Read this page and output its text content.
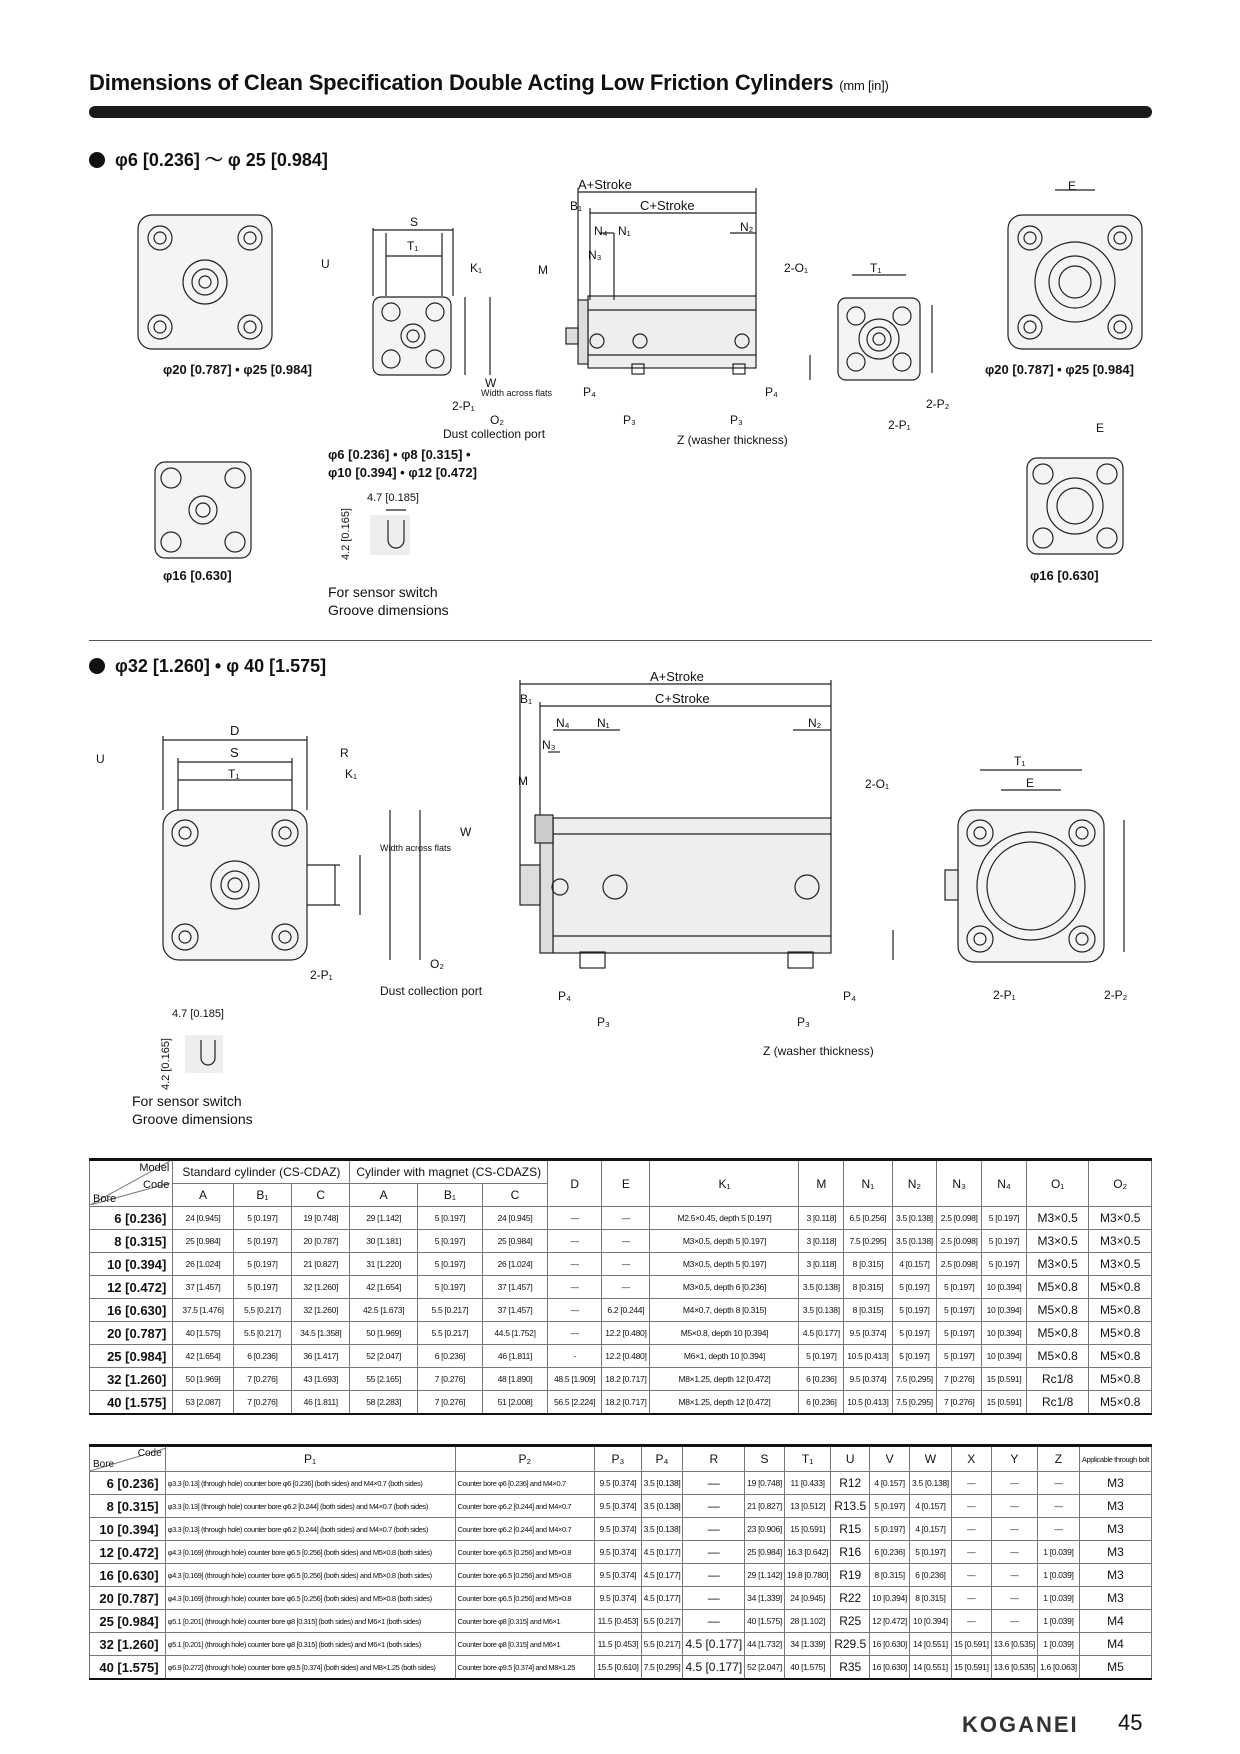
Dimensions of Clean Specification Double Acting Low Friction Cylinders (mm [in])
φ6 [0.236] 〜 φ 25 [0.984]
A+Stroke
C+Stroke
B₁
N₄ N₁	N₂
N₃
M
S
T₁
U	K₁	2-O₁	T₁
E
E
W
P₄	P₄
P₃	P₃
2-P₁
O₂
2-P₂
2-P₁
φ20 [0.787] • φ25 [0.984]
φ16 [0.630]
φ20 [0.787] • φ25 [0.984]
φ16 [0.630]
φ6 [0.236] • φ8 [0.315] •
φ10 [0.394] • φ12 [0.472]
Dust collection port
Width across flats
Z (washer thickness)
4.7 [0.185]
4.2 [0.165]
For sensor switch
Groove dimensions
φ32 [1.260] • φ 40 [1.575]
A+Stroke
C+Stroke
B₁
N₄ N₁	N₂
N₃
M
D
S	R
T₁
U
K₁
2-O₁
T₁
E
W
2-P₁
O₂
P₄	P₄
P₃	P₃
2-P₁	2-P₂
Width across flats
Dust collection port
Z (washer thickness)
4.7 [0.185]
4.2 [0.165]
For sensor switch
Groove dimensions
Model
Code
Bore	Standard cylinder (CS-CDAZ)			Cylinder with magnet (CS-CDAZS)			D	E	K₁	M	N₁	N₂	N₃	N₄	O₁	O₂
	A	B₁	C	A	B₁	C										
6 [0.236]	24 [0.945]	5 [0.197]	19 [0.748]	29 [1.142]	5 [0.197]	24 [0.945]	—	—	M2.5×0.45, depth 5 [0.197]	3 [0.118]	6.5 [0.256]	3.5 [0.138]	2.5 [0.098]	5 [0.197]	M3×0.5	M3×0.5
8 [0.315]	25 [0.984]	5 [0.197]	20 [0.787]	30 [1.181]	5 [0.197]	25 [0.984]	—	—	M3×0.5, depth 5 [0.197]	3 [0.118]	7.5 [0.295]	3.5 [0.138]	2.5 [0.098]	5 [0.197]	M3×0.5	M3×0.5
10 [0.394]	26 [1.024]	5 [0.197]	21 [0.827]	31 [1.220]	5 [0.197]	26 [1.024]	—	—	M3×0.5, depth 5 [0.197]	3 [0.118]	8 [0.315]	4 [0.157]	2.5 [0.098]	5 [0.197]	M3×0.5	M3×0.5
12 [0.472]	37 [1.457]	5 [0.197]	32 [1.260]	42 [1.654]	5 [0.197]	37 [1.457]	—	—	M3×0.5, depth 6 [0.236]	3.5 [0.138]	8 [0.315]	5 [0.197]	5 [0.197]	10 [0.394]	M5×0.8	M5×0.8
16 [0.630]	37.5 [1.476]	5.5 [0.217]	32 [1.260]	42.5 [1.673]	5.5 [0.217]	37 [1.457]	—	6.2 [0.244]	M4×0.7, depth 8 [0.315]	3.5 [0.138]	8 [0.315]	5 [0.197]	5 [0.197]	10 [0.394]	M5×0.8	M5×0.8
20 [0.787]	40 [1.575]	5.5 [0.217]	34.5 [1.358]	50 [1.969]	5.5 [0.217]	44.5 [1.752]	—	12.2 [0.480]	M5×0.8, depth 10 [0.394]	4.5 [0.177]	9.5 [0.374]	5 [0.197]	5 [0.197]	10 [0.394]	M5×0.8	M5×0.8
25 [0.984]	42 [1.654]	6 [0.236]	36 [1.417]	52 [2.047]	6 [0.236]	46 [1.811]	-	12.2 [0.480]	M6×1, depth 10 [0.394]	5 [0.197]	10.5 [0.413]	5 [0.197]	5 [0.197]	10 [0.394]	M5×0.8	M5×0.8
32 [1.260]	50 [1.969]	7 [0.276]	43 [1.693]	55 [2.165]	7 [0.276]	48 [1.890]	48.5 [1.909]	18.2 [0.717]	M8×1.25, depth 12 [0.472]	6 [0.236]	9.5 [0.374]	7.5 [0.295]	7 [0.276]	15 [0.591]	Rc1/8	M5×0.8
40 [1.575]	53 [2.087]	7 [0.276]	46 [1.811]	58 [2.283]	7 [0.276]	51 [2.008]	56.5 [2.224]	18.2 [0.717]	M8×1.25, depth 12 [0.472]	6 [0.236]	10.5 [0.413]	7.5 [0.295]	7 [0.276]	15 [0.591]	Rc1/8	M5×0.8
Code
Bore	P₁	P₂	P₃	P₄	R	S	T₁	U	V	W	X	Y	Z	Applicable through bolt
6 [0.236]	φ3.3 [0.13] (through hole) counter bore φ6 [0.236] (both sides) and M4×0.7 (both sides)	Counter bore φ6 [0.236] and M4×0.7	9.5 [0.374]	3.5 [0.138]	—	19 [0.748]	11 [0.433]	R12	4 [0.157]	3.5 [0.138]	—	—	—	M3
8 [0.315]	φ3.3 [0.13] (through hole) counter bore φ6.2 [0.244] (both sides) and M4×0.7 (both sides)	Counter bore φ6.2 [0.244] and M4×0.7	9.5 [0.374]	3.5 [0.138]	—	21 [0.827]	13 [0.512]	R13.5	5 [0.197]	4 [0.157]	—	—	—	M3
10 [0.394]	φ3.3 [0.13] (through hole) counter bore φ6.2 [0.244] (both sides) and M4×0.7 (both sides)	Counter bore φ6.2 [0.244] and M4×0.7	9.5 [0.374]	3.5 [0.138]	—	23 [0.906]	15 [0.591]	R15	5 [0.197]	4 [0.157]	—	—	—	M3
12 [0.472]	φ4.3 [0.169] (through hole) counter bore φ6.5 [0.256] (both sides) and M5×0.8 (both sides)	Counter bore φ6.5 [0.256] and M5×0.8	9.5 [0.374]	4.5 [0.177]	—	25 [0.984]	16.3 [0.642]	R16	6 [0.236]	5 [0.197]	—	—	1 [0.039]	M3
16 [0.630]	φ4.3 [0.169] (through hole) counter bore φ6.5 [0.256] (both sides) and M5×0.8 (both sides)	Counter bore φ6.5 [0.256] and M5×0.8	9.5 [0.374]	4.5 [0.177]	—	29 [1.142]	19.8 [0.780]	R19	8 [0.315]	6 [0.236]	—	—	1 [0.039]	M3
20 [0.787]	φ4.3 [0.169] (through hole) counter bore φ6.5 [0.256] (both sides) and M5×0.8 (both sides)	Counter bore φ6.5 [0.256] and M5×0.8	9.5 [0.374]	4.5 [0.177]	—	34 [1.339]	24 [0.945]	R22	10 [0.394]	8 [0.315]	—	—	1 [0.039]	M3
25 [0.984]	φ5.1 [0.201] (through hole) counter bore φ8 [0.315] (both sides) and M6×1 (both sides)	Counter bore φ8 [0.315] and M6×1	11.5 [0.453]	5.5 [0.217]	—	40 [1.575]	28 [1.102]	R25	12 [0.472]	10 [0.394]	—	—	1 [0.039]	M4
32 [1.260]	φ5.1 [0.201] (through hole) counter bore φ8 [0.315] (both sides) and M6×1 (both sides)	Counter bore φ8 [0.315] and M6×1	11.5 [0.453]	5.5 [0.217]	4.5 [0.177]	44 [1.732]	34 [1.339]	R29.5	16 [0.630]	14 [0.551]	15 [0.591]	13.6 [0.535]	1 [0.039]	M4
40 [1.575]	φ6.9 [0.272] (through hole) counter bore φ9.5 [0.374] (both sides) and M8×1.25 (both sides)	Counter bore φ9.5 [0.374] and M8×1.25	15.5 [0.610]	7.5 [0.295]	4.5 [0.177]	52 [2.047]	40 [1.575]	R35	16 [0.630]	14 [0.551]	15 [0.591]	13.6 [0.535]	1.6 [0.063]	M5
KOGANEI 45
